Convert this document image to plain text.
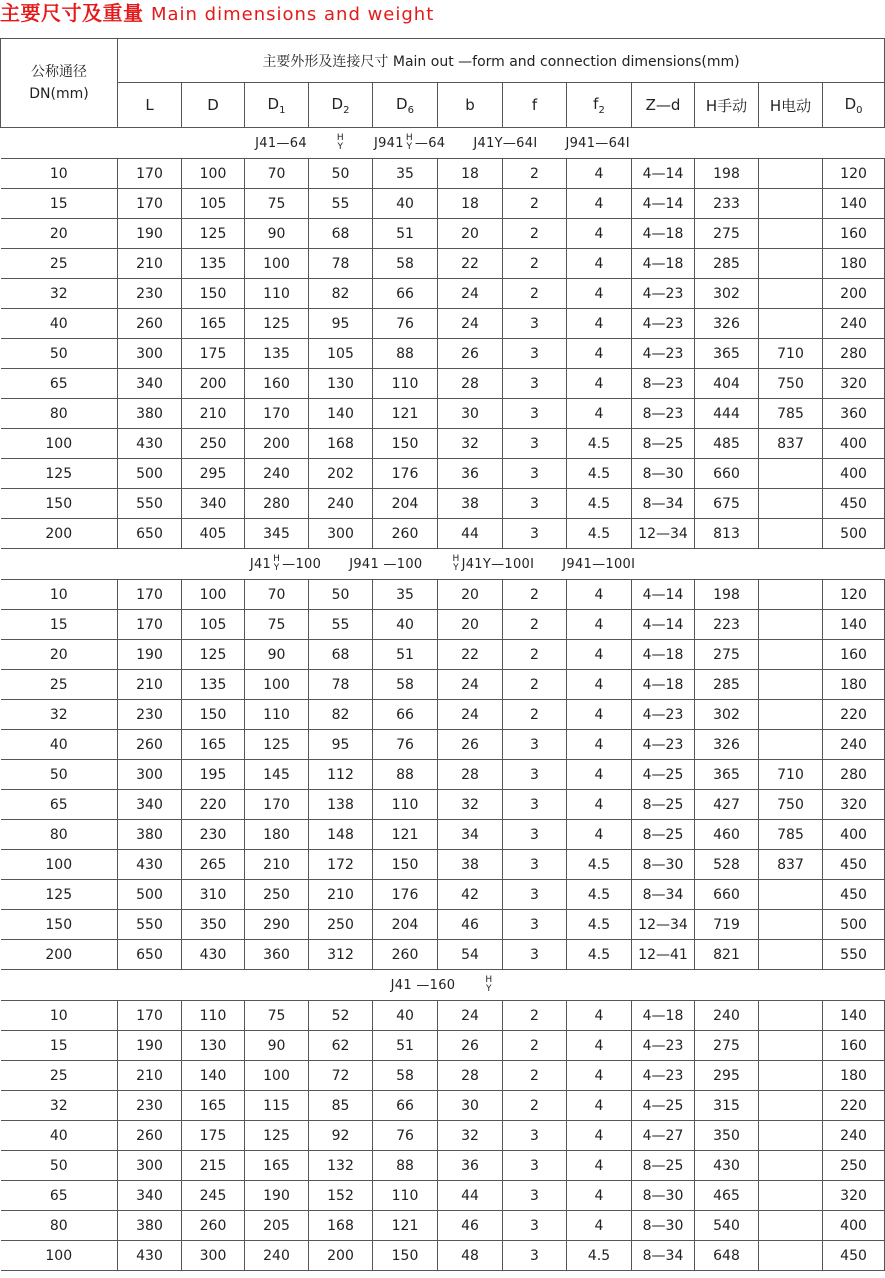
主要尺寸及重量 Main dimensions and weight
公称通径
DN(mm)	主要外形及连接尺寸 Main out —form and connection dimensions(mm)											
	L	D	$D_1$	$D_2$	$D_6$	b	f	$f_2$	Z—d	H手动	H电动	$D_0$
J41—64 H
Y J941 H
Y —64 J41Y—64I J941—64I												
10	170	100	70	50	35	18	2	4	4—14	198		120
15	170	105	75	55	40	18	2	4	4—14	233		140
20	190	125	90	68	51	20	2	4	4—18	275		160
25	210	135	100	78	58	22	2	4	4—18	285		180
32	230	150	110	82	66	24	2	4	4—23	302		200
40	260	165	125	95	76	24	3	4	4—23	326		240
50	300	175	135	105	88	26	3	4	4—23	365	710	280
65	340	200	160	130	110	28	3	4	8—23	404	750	320
80	380	210	170	140	121	30	3	4	8—23	444	785	360
100	430	250	200	168	150	32	3	4.5	8—25	485	837	400
125	500	295	240	202	176	36	3	4.5	8—30	660		400
150	550	340	280	240	204	38	3	4.5	8—34	675		450
200	650	405	345	300	260	44	3	4.5	12—34	813		500
J41 H
Y —100 J941 —100 H
Y J41Y—100I J941—100I												
10	170	100	70	50	35	20	2	4	4—14	198		120
15	170	105	75	55	40	20	2	4	4—14	223		140
20	190	125	90	68	51	22	2	4	4—18	275		160
25	210	135	100	78	58	24	2	4	4—18	285		180
32	230	150	110	82	66	24	2	4	4—23	302		220
40	260	165	125	95	76	26	3	4	4—23	326		240
50	300	195	145	112	88	28	3	4	4—25	365	710	280
65	340	220	170	138	110	32	3	4	8—25	427	750	320
80	380	230	180	148	121	34	3	4	8—25	460	785	400
100	430	265	210	172	150	38	3	4.5	8—30	528	837	450
125	500	310	250	210	176	42	3	4.5	8—34	660		450
150	550	350	290	250	204	46	3	4.5	12—34	719		500
200	650	430	360	312	260	54	3	4.5	12—41	821		550
J41 —160 H
Y												
10	170	110	75	52	40	24	2	4	4—18	240		140
15	190	130	90	62	51	26	2	4	4—23	275		160
25	210	140	100	72	58	28	2	4	4—23	295		180
32	230	165	115	85	66	30	2	4	4—25	315		220
40	260	175	125	92	76	32	3	4	4—27	350		240
50	300	215	165	132	88	36	3	4	8—25	430		250
65	340	245	190	152	110	44	3	4	8—30	465		320
80	380	260	205	168	121	46	3	4	8—30	540		400
100	430	300	240	200	150	48	3	4.5	8—34	648		450
